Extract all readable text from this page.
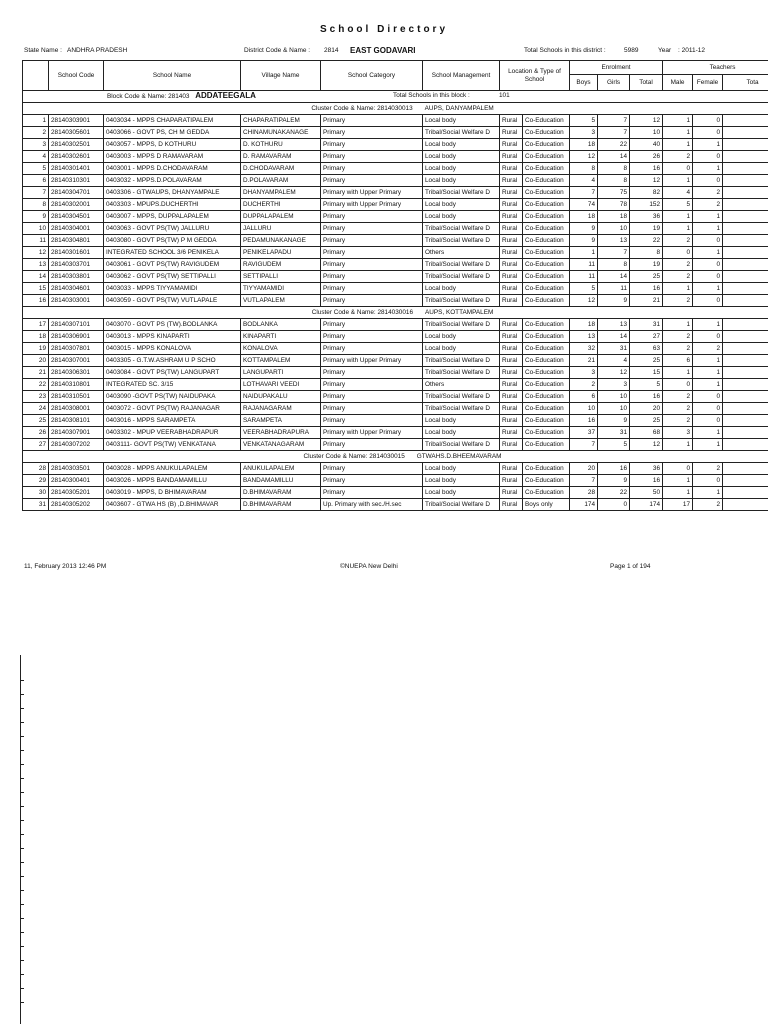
School Directory
State Name : ANDHRA PRADESH	District Code & Name : 2814 EAST GODAVARI	Total Schools in this district :	5989	Year : 2011-12
	School Code	School Name	Village Name	School Category	School Management	Location & Type of School		Enrolment			Teachers		
								Boys	Girls	Total	Male	Female	Tota
Block Code & Name: 281403 ADDATEEGALA Total Schools in this block : 101													

Cluster Code & Name: 2814030013 AUPS, DANYAMPALEM													
1	28140303901	0403034 - MPPS CHAPARATIPALEM	CHAPARATIPALEM	Primary	Local body	Rural	Co-Education	5	7	12	1	0	
2	28140305601	0403066 - GOVT PS, CH M GEDDA	CHINAMUNAKANAGE	Primary	Tribal/Social Welfare D	Rural	Co-Education	3	7	10	1	0	
3	28140302501	0403057 - MPPS, D KOTHURU	D. KOTHURU	Primary	Local body	Rural	Co-Education	18	22	40	1	1	
4	28140302601	0403003 - MPPS D RAMAVARAM	D. RAMAVARAM	Primary	Local body	Rural	Co-Education	12	14	26	2	0	
5	28140301401	0403001 - MPPS D.CHODAVARAM	D.CHODAVARAM	Primary	Local body	Rural	Co-Education	8	8	16	0	1	
6	28140310301	0403032 - MPPS.D.POLAVARAM	D.POLAVARAM	Primary	Local body	Rural	Co-Education	4	8	12	1	0	
7	28140304701	0403306 - GTWAUPS, DHANYAMPALE	DHANYAMPALEM	Primary with Upper Primary	Tribal/Social Welfare D	Rural	Co-Education	7	75	82	4	2	
8	28140302001	0403303 - MPUPS.DUCHERTHI	DUCHERTHI	Primary with Upper Primary	Local body	Rural	Co-Education	74	78	152	5	2	
9	28140304501	0403007 - MPPS, DUPPALAPALEM	DUPPALAPALEM	Primary	Local body	Rural	Co-Education	18	18	36	1	1	
10	28140304001	0403063 - GOVT PS(TW) JALLURU	JALLURU	Primary	Tribal/Social Welfare D	Rural	Co-Education	9	10	19	1	1	
11	28140304801	0403080 - GOVT PS(TW) P M GEDDA	PEDAMUNAKANAGE	Primary	Tribal/Social Welfare D	Rural	Co-Education	9	13	22	2	0	
12	28140301601	INTEGRATED SCHOOL 3/6 PENIKELA	PENIKELAPADU	Primary	Others	Rural	Co-Education	1	7	8	0	1	
13	28140303701	0403061 - GOVT PS(TW) RAVIGUDEM	RAVIGUDEM	Primary	Tribal/Social Welfare D	Rural	Co-Education	11	8	19	2	0	
14	28140303801	0403062 - GOVT PS(TW) SETTIPALLI	SETTIPALLI	Primary	Tribal/Social Welfare D	Rural	Co-Education	11	14	25	2	0	
15	28140304601	0403033 - MPPS TIYYAMAMIDI	TIYYAMAMIDI	Primary	Local body	Rural	Co-Education	5	11	16	1	1	
16	28140303001	0403059 - GOVT PS(TW) VUTLAPALE	VUTLAPALEM	Primary	Tribal/Social Welfare D	Rural	Co-Education	12	9	21	2	0	
Cluster Code & Name: 2814030016 AUPS, KOTTAMPALEM													
17	28140307101	0403070 - GOVT PS (TW).BODLANKA	BODLANKA	Primary	Tribal/Social Welfare D	Rural	Co-Education	18	13	31	1	1	
18	28140306901	0403013 - MPPS KINAPARTI	KINAPARTI	Primary	Local body	Rural	Co-Education	13	14	27	2	0	
19	28140307801	0403015 - MPPS KONALOVA	KONALOVA	Primary	Local body	Rural	Co-Education	32	31	63	2	2	
20	28140307001	0403305 - G.T.W.ASHRAM U P SCHO	KOTTAMPALEM	Primary with Upper Primary	Tribal/Social Welfare D	Rural	Co-Education	21	4	25	6	1	
21	28140306301	0403084 - GOVT PS(TW) LANGUPART	LANGUPARTI	Primary	Tribal/Social Welfare D	Rural	Co-Education	3	12	15	1	1	
22	28140310801	INTEGRATED SC. 3/15	LOTHAVARI VEEDI	Primary	Others	Rural	Co-Education	2	3	5	0	1	
23	28140310501	0403090 -GOVT PS(TW) NAIDUPAKA	NAIDUPAKALU	Primary	Tribal/Social Welfare D	Rural	Co-Education	6	10	16	2	0	
24	28140308001	0403072 - GOVT PS(TW) RAJANAGAR	RAJANAGARAM	Primary	Tribal/Social Welfare D	Rural	Co-Education	10	10	20	2	0	
25	28140308101	0403016 - MPPS SARAMPETA	SARAMPETA	Primary	Local body	Rural	Co-Education	16	9	25	2	0	
26	28140307901	0403302 - MPUP VEERABHADRAPUR	VEERABHADRAPURA	Primary with Upper Primary	Local body	Rural	Co-Education	37	31	68	3	1	
27	28140307202	0403111- GOVT PS(TW) VENKATANA	VENKATANAGARAM	Primary	Tribal/Social Welfare D	Rural	Co-Education	7	5	12	1	1	
Cluster Code & Name: 2814030015 GTWAHS.D.BHEEMAVARAM													
28	28140303501	0403028 - MPPS ANUKULAPALEM	ANUKULAPALEM	Primary	Local body	Rural	Co-Education	20	16	36	0	2	
29	28140300401	0403026 - MPPS BANDAMAMILLU	BANDAMAMILLU	Primary	Local body	Rural	Co-Education	7	9	16	1	0	
30	28140305201	0403019 - MPPS, D BHIMAVARAM	D.BHIMAVARAM	Primary	Local body	Rural	Co-Education	28	22	50	1	1	
31	28140305202	0403607 - GTWA HS (B) ,D.BHIMAVAR	D.BHIMAVARAM	Up. Primary with sec./H.sec	Tribal/Social Welfare D	Rural	Boys only	174	0	174	17	2	
11, February 2013 12:46 PM	©NUEPA New Delhi	Page 1 of 194
